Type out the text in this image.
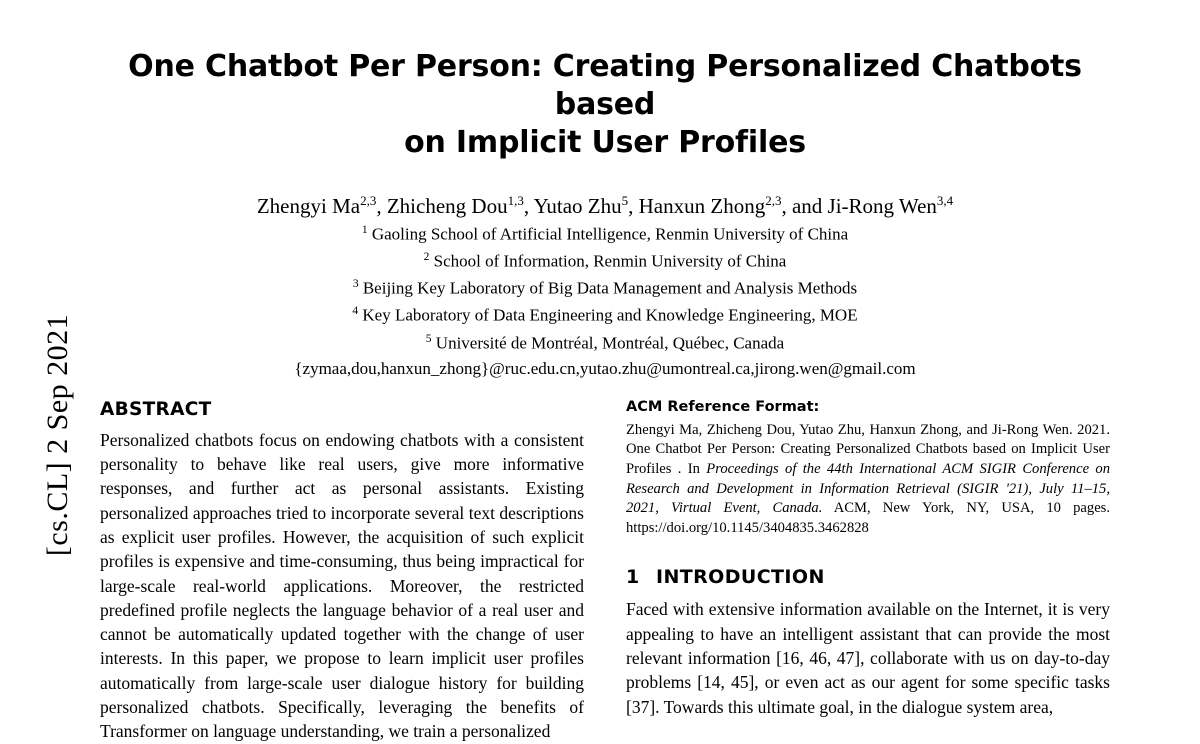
[cs.CL] 2 Sep 2021
One Chatbot Per Person: Creating Personalized Chatbots based
on Implicit User Profiles
Zhengyi Ma$^{2,3}$, Zhicheng Dou$^{1,3}$, Yutao Zhu$^5$, Hanxun Zhong$^{2,3}$, and Ji-Rong Wen$^{3,4}$
$^1$ Gaoling School of Artificial Intelligence, Renmin University of China
$^2$ School of Information, Renmin University of China
$^3$ Beijing Key Laboratory of Big Data Management and Analysis Methods
$^4$ Key Laboratory of Data Engineering and Knowledge Engineering, MOE
$^5$ Université de Montréal, Montréal, Québec, Canada
{zymaa,dou,hanxun_zhong}@ruc.edu.cn,yutao.zhu@umontreal.ca,jirong.wen@gmail.com
ABSTRACT
Personalized chatbots focus on endowing chatbots with a consistent personality to behave like real users, give more informative responses, and further act as personal assistants. Existing personalized approaches tried to incorporate several text descriptions as explicit user profiles. However, the acquisition of such explicit profiles is expensive and time-consuming, thus being impractical for large-scale real-world applications. Moreover, the restricted predefined profile neglects the language behavior of a real user and cannot be automatically updated together with the change of user interests. In this paper, we propose to learn implicit user profiles automatically from large-scale user dialogue history for building personalized chatbots. Specifically, leveraging the benefits of Transformer on language understanding, we train a personalized
ACM Reference Format:
Zhengyi Ma, Zhicheng Dou, Yutao Zhu, Hanxun Zhong, and Ji-Rong Wen. 2021. One Chatbot Per Person: Creating Personalized Chatbots based on Implicit User Profiles . In Proceedings of the 44th International ACM SIGIR Conference on Research and Development in Information Retrieval (SIGIR '21), July 11–15, 2021, Virtual Event, Canada. ACM, New York, NY, USA, 10 pages. https://doi.org/10.1145/3404835.3462828
1 INTRODUCTION
Faced with extensive information available on the Internet, it is very appealing to have an intelligent assistant that can provide the most relevant information [16, 46, 47], collaborate with us on day-to-day problems [14, 45], or even act as our agent for some specific tasks [37]. Towards this ultimate goal, in the dialogue system area,
